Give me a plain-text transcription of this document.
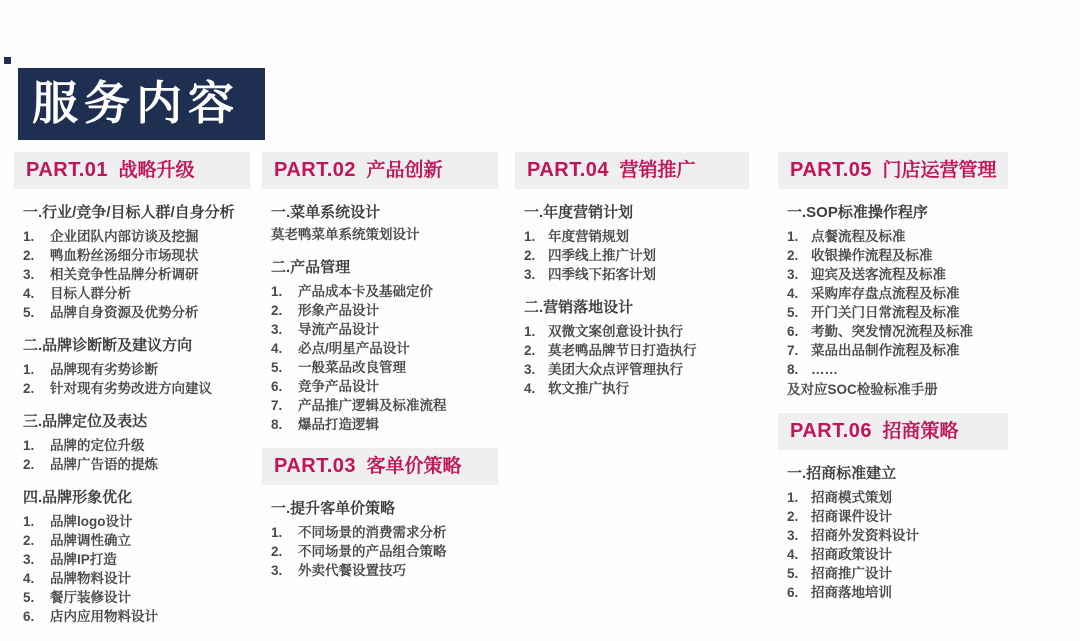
服务内容
PART.01 战略升级
一.行业/竞争/目标人群/自身分析
企业团队内部访谈及挖掘
鸭血粉丝汤细分市场现状
相关竞争性品牌分析调研
目标人群分析
品牌自身资源及优势分析
二.品牌诊断断及建议方向
品牌现有劣势诊断
针对现有劣势改进方向建议
三.品牌定位及表达
品牌的定位升级
品牌广告语的提炼
四.品牌形象优化
品牌logo设计
品牌调性确立
品牌IP打造
品牌物料设计
餐厅装修设计
店内应用物料设计
PART.02 产品创新
一.菜单系统设计
莫老鸭菜单系统策划设计
二.产品管理
产品成本卡及基础定价
形象产品设计
导流产品设计
必点/明星产品设计
一般菜品改良管理
竞争产品设计
产品推广逻辑及标准流程
爆品打造逻辑
PART.03 客单价策略
一.提升客单价策略
不同场景的消费需求分析
不同场景的产品组合策略
外卖代餐设置技巧
PART.04 营销推广
一.年度营销计划
年度营销规划
四季线上推广计划
四季线下拓客计划
二.营销落地设计
双微文案创意设计执行
莫老鸭品牌节日打造执行
美团大众点评管理执行
软文推广执行
PART.05 门店运营管理
一.SOP标准操作程序
点餐流程及标准
收银操作流程及标准
迎宾及送客流程及标准
采购库存盘点流程及标准
开门关门日常流程及标准
考勤、突发情况流程及标准
菜品出品制作流程及标准
……
及对应SOC检验标准手册
PART.06 招商策略
一.招商标准建立
招商模式策划
招商课件设计
招商外发资料设计
招商政策设计
招商推广设计
招商落地培训
